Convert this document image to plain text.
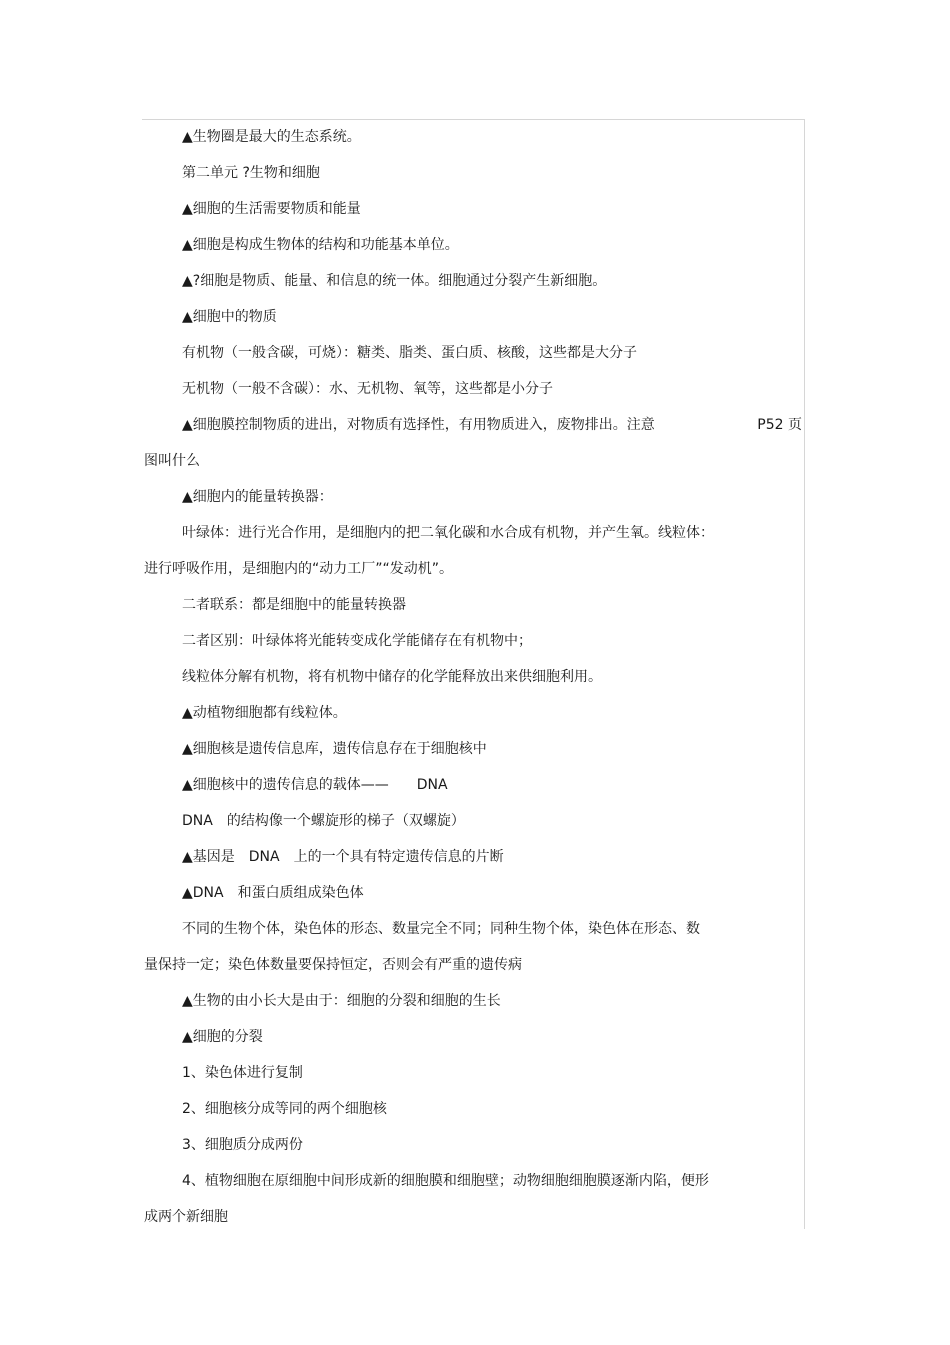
▲生物圈是最大的生态系统。
第二单元 ?生物和细胞
▲细胞的生活需要物质和能量
▲细胞是构成生物体的结构和功能基本单位。
▲?细胞是物质、能量、和信息的统一体。细胞通过分裂产生新细胞。
▲细胞中的物质
有机物（一般含碳，可烧）：糖类、脂类、蛋白质、核酸，这些都是大分子
无机物（一般不含碳）：水、无机物、氧等，这些都是小分子
▲细胞膜控制物质的进出，对物质有选择性，有用物质进入，废物排出。注意	P52 页
图叫什么
▲细胞内的能量转换器：
叶绿体：进行光合作用，是细胞内的把二氧化碳和水合成有机物，并产生氧。线粒体：
进行呼吸作用，是细胞内的“动力工厂”“发动机”。
二者联系：都是细胞中的能量转换器
二者区别：叶绿体将光能转变成化学能储存在有机物中；
线粒体分解有机物，将有机物中储存的化学能释放出来供细胞利用。
▲动植物细胞都有线粒体。
▲细胞核是遗传信息库，遗传信息存在于细胞核中
▲细胞核中的遗传信息的载体—— DNA
DNA 的结构像一个螺旋形的梯子（双螺旋）
▲基因是 DNA 上的一个具有特定遗传信息的片断
▲DNA 和蛋白质组成染色体
不同的生物个体，染色体的形态、数量完全不同；同种生物个体，染色体在形态、数
量保持一定；染色体数量要保持恒定，否则会有严重的遗传病
▲生物的由小长大是由于：细胞的分裂和细胞的生长
▲细胞的分裂
1、染色体进行复制
2、细胞核分成等同的两个细胞核
3、细胞质分成两份
4、植物细胞在原细胞中间形成新的细胞膜和细胞壁；动物细胞细胞膜逐渐内陷，便形
成两个新细胞
